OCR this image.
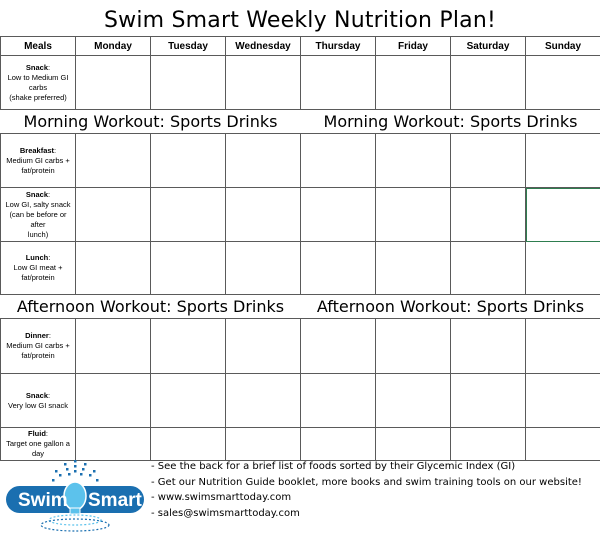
Swim Smart Weekly Nutrition Plan!
Meals	Monday	Tuesday	Wednesday	Thursday	Friday	Saturday	Sunday
Snack:
Low to Medium GI
carbs
(shake preferred)							
Morning Workout: Sports Drinks				Morning Workout: Sports Drinks			
Breakfast:
Medium GI carbs +
fat/protein							
Snack:
Low GI, salty snack
(can be before or after
lunch)							
Lunch:
Low GI meat +
fat/protein							
Afternoon Workout: Sports Drinks				Afternoon Workout: Sports Drinks			
Dinner:
Medium GI carbs +
fat/protein							
Snack:
Very low GI snack							
Fluid:
Target one gallon a
day							
Swim Smart
- See the back for a brief list of foods sorted by their Glycemic Index (GI)
- Get our Nutrition Guide booklet, more books and swim training tools on our website!
- www.swimsmarttoday.com
- sales@swimsmarttoday.com
